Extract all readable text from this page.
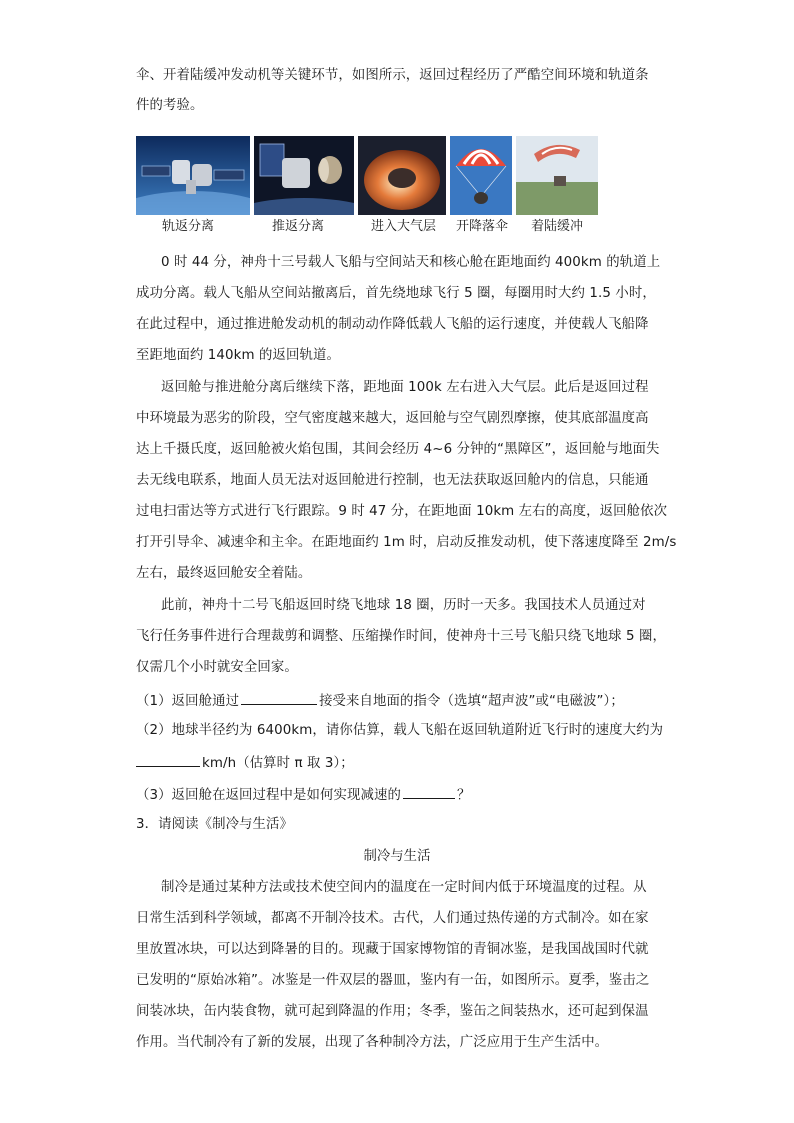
伞、开着陆缓冲发动机等关键环节，如图所示，返回过程经历了严酷空间环境和轨道条
件的考验。
轨返分离	推返分离	进入大气层 开降落伞 着陆缓冲
0 时 44 分，神舟十三号载人飞船与空间站天和核心舱在距地面约 400km 的轨道上
成功分离。载人飞船从空间站撤离后，首先绕地球飞行 5 圈，每圈用时大约 1.5 小时，
在此过程中，通过推进舱发动机的制动动作降低载人飞船的运行速度，并使载人飞船降
至距地面约 140km 的返回轨道。
返回舱与推进舱分离后继续下落，距地面 100k 左右进入大气层。此后是返回过程
中环境最为恶劣的阶段，空气密度越来越大，返回舱与空气剧烈摩擦，使其底部温度高
达上千摄氏度，返回舱被火焰包围，其间会经历 4~6 分钟的“黑障区”，返回舱与地面失
去无线电联系，地面人员无法对返回舱进行控制，也无法获取返回舱内的信息，只能通
过电扫雷达等方式进行飞行跟踪。9 时 47 分，在距地面 10km 左右的高度，返回舱依次
打开引导伞、减速伞和主伞。在距地面约 1m 时，启动反推发动机，使下落速度降至 2m/s
左右，最终返回舱安全着陆。
此前，神舟十二号飞船返回时绕飞地球 18 圈，历时一天多。我国技术人员通过对
飞行任务事件进行合理裁剪和调整、压缩操作时间，使神舟十三号飞船只绕飞地球 5 圈，
仅需几个小时就安全回家。
（1）返回舱通过	接受来自地面的指令（选填“超声波”或“电磁波”）；
（2）地球半径约为 6400km，请你估算，载人飞船在返回轨道附近飞行时的速度大约为
km/h（估算时 π 取 3）；
（3）返回舱在返回过程中是如何实现减速的	？
3．请阅读《制冷与生活》
制冷与生活
制冷是通过某种方法或技术使空间内的温度在一定时间内低于环境温度的过程。从
日常生活到科学领域，都离不开制冷技术。古代，人们通过热传递的方式制冷。如在家
里放置冰块，可以达到降暑的目的。现藏于国家博物馆的青铜冰鉴，是我国战国时代就
已发明的“原始冰箱”。冰鉴是一件双层的器皿，鉴内有一缶，如图所示。夏季，鉴击之
间装冰块，缶内装食物，就可起到降温的作用；冬季，鉴缶之间装热水，还可起到保温
作用。当代制冷有了新的发展，出现了各种制冷方法，广泛应用于生产生活中。
